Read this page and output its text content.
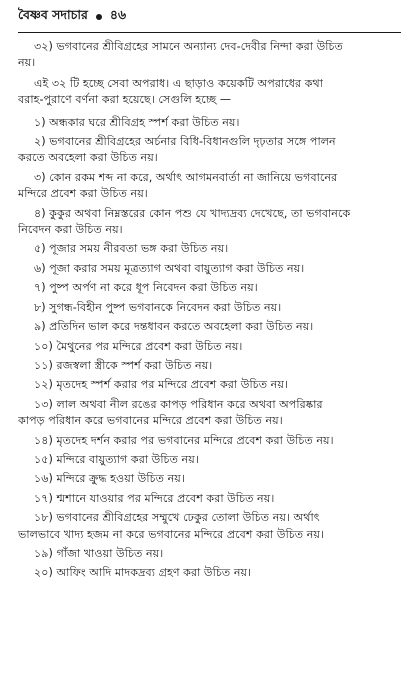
বৈষ্ণব সদাচার ৪৬
৩২) ভগবানের শ্রীবিগ্রহের সামনে অন্যান্য দেব-দেবীর নিন্দা করা উচিত
নয়।
এই ৩২ টি হচ্ছে সেবা অপরাধ। এ ছাড়াও কয়েকটি অপরাধের কথা
বরাহ-পুরাণে বর্ণনা করা হয়েছে। সেগুলি হচ্ছে —
১) অন্ধকার ঘরে শ্রীবিগ্রহ স্পর্শ করা উচিত নয়।
২) ভগবানের শ্রীবিগ্রহের অর্চনার বিধি-বিধানগুলি দৃঢ়তার সঙ্গে পালন
করতে অবহেলা করা উচিত নয়।
৩) কোন রকম শব্দ না করে, অর্থাৎ আগমনবার্তা না জানিয়ে ভগবানের
মন্দিরে প্রবেশ করা উচিত নয়।
৪) কুকুর অথবা নিম্নস্তরের কোন পশু যে খাদ্যদ্রব্য দেখেছে, তা ভগবানকে
নিবেদন করা উচিত নয়।
৫) পূজার সময় নীরবতা ভঙ্গ করা উচিত নয়।
৬) পূজা করার সময় মূত্রত্যাগ অথবা বায়ুত্যাগ করা উচিত নয়।
৭) পুষ্প অর্পণ না করে ধূপ নিবেদন করা উচিত নয়।
৮) সুগন্ধ-বিহীন পুষ্প ভগবানকে নিবেদন করা উচিত নয়।
৯) প্রতিদিন ভাল করে দন্তধাবন করতে অবহেলা করা উচিত নয়।
১০) মৈথুনের পর মন্দিরে প্রবেশ করা উচিত নয়।
১১) রজস্বলা স্ত্রীকে স্পর্শ করা উচিত নয়।
১২) মৃতদেহ স্পর্শ করার পর মন্দিরে প্রবেশ করা উচিত নয়।
১৩) লাল অথবা নীল রঙের কাপড় পরিধান করে অথবা অপরিষ্কার
কাপড় পরিধান করে ভগবানের মন্দিরে প্রবেশ করা উচিত নয়।
১৪) মৃতদেহ দর্শন করার পর ভগবানের মন্দিরে প্রবেশ করা উচিত নয়।
১৫) মন্দিরে বায়ুত্যাগ করা উচিত নয়।
১৬) মন্দিরে ক্রুদ্ধ হওয়া উচিত নয়।
১৭) শ্মশানে যাওয়ার পর মন্দিরে প্রবেশ করা উচিত নয়।
১৮) ভগবানের শ্রীবিগ্রহের সম্মুখে ঢেকুর তোলা উচিত নয়। অর্থাৎ
ভালভাবে খাদ্য হজম না করে ভগবানের মন্দিরে প্রবেশ করা উচিত নয়।
১৯) গাঁজা খাওয়া উচিত নয়।
২০) আফিং আদি মাদকদ্রব্য গ্রহণ করা উচিত নয়।
